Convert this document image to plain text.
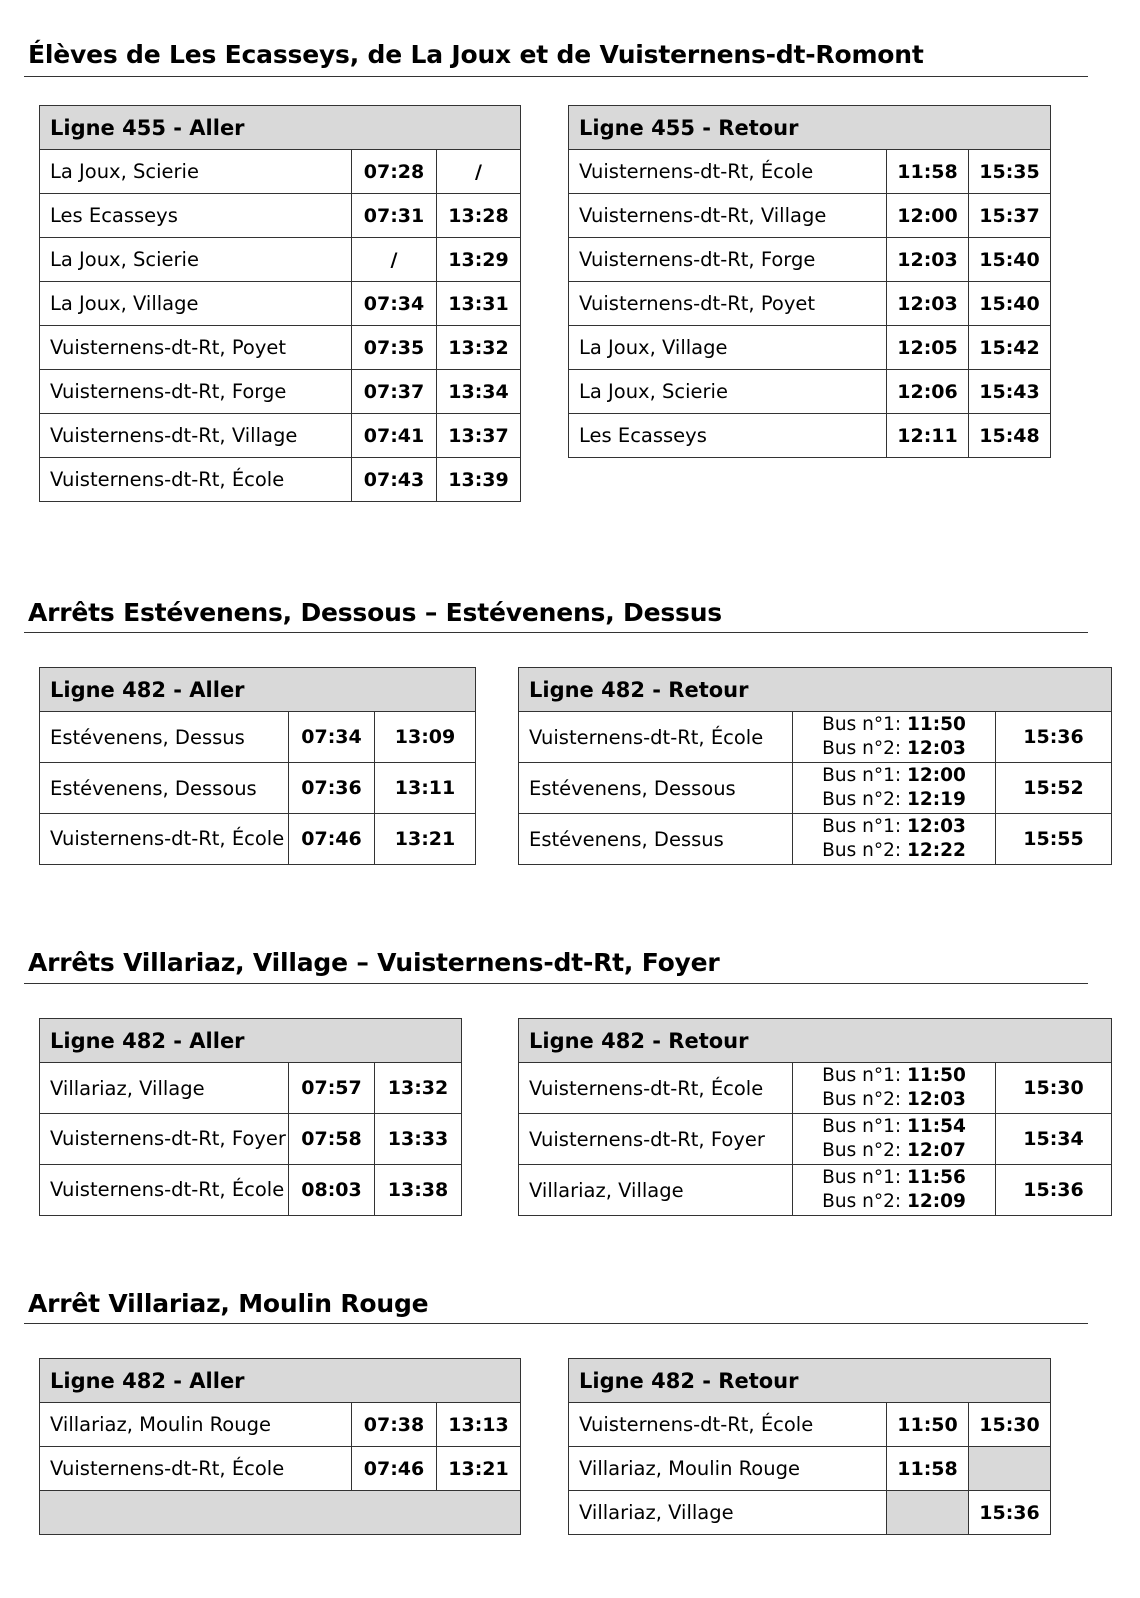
Élèves de Les Ecasseys, de La Joux et de Vuisternens-dt-Romont
Ligne 455 - Aller		
La Joux, Scierie	07:28	/
Les Ecasseys	07:31	13:28
La Joux, Scierie	/	13:29
La Joux, Village	07:34	13:31
Vuisternens-dt-Rt, Poyet	07:35	13:32
Vuisternens-dt-Rt, Forge	07:37	13:34
Vuisternens-dt-Rt, Village	07:41	13:37
Vuisternens-dt-Rt, École	07:43	13:39
Ligne 455 - Retour		
Vuisternens-dt-Rt, École	11:58	15:35
Vuisternens-dt-Rt, Village	12:00	15:37
Vuisternens-dt-Rt, Forge	12:03	15:40
Vuisternens-dt-Rt, Poyet	12:03	15:40
La Joux, Village	12:05	15:42
La Joux, Scierie	12:06	15:43
Les Ecasseys	12:11	15:48
Arrêts Estévenens, Dessous – Estévenens, Dessus
Ligne 482 - Aller		
Estévenens, Dessus	07:34	13:09
Estévenens, Dessous	07:36	13:11
Vuisternens-dt-Rt, École	07:46	13:21
Ligne 482 - Retour		
Vuisternens-dt-Rt, École	Bus n°1: 11:50
Bus n°2: 12:03	15:36
Estévenens, Dessous	Bus n°1: 12:00
Bus n°2: 12:19	15:52
Estévenens, Dessus	Bus n°1: 12:03
Bus n°2: 12:22	15:55
Arrêts Villariaz, Village – Vuisternens-dt-Rt, Foyer
Ligne 482 - Aller		
Villariaz, Village	07:57	13:32
Vuisternens-dt-Rt, Foyer	07:58	13:33
Vuisternens-dt-Rt, École	08:03	13:38
Ligne 482 - Retour		
Vuisternens-dt-Rt, École	Bus n°1: 11:50
Bus n°2: 12:03	15:30
Vuisternens-dt-Rt, Foyer	Bus n°1: 11:54
Bus n°2: 12:07	15:34
Villariaz, Village	Bus n°1: 11:56
Bus n°2: 12:09	15:36
Arrêt Villariaz, Moulin Rouge
Ligne 482 - Aller		
Villariaz, Moulin Rouge	07:38	13:13
Vuisternens-dt-Rt, École	07:46	13:21

Ligne 482 - Retour		
Vuisternens-dt-Rt, École	11:50	15:30
Villariaz, Moulin Rouge	11:58	
Villariaz, Village		15:36
